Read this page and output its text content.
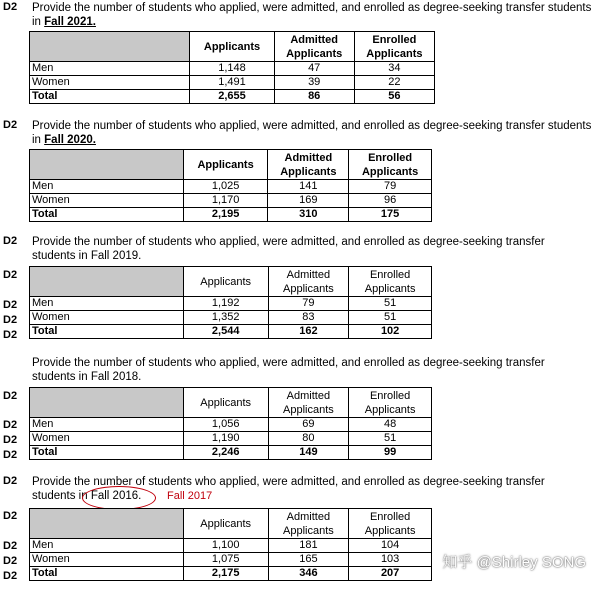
D2 Provide the number of students who applied, were admitted, and enrolled as degree-seeking transfer students in Fall 2021.
	Applicants	Admitted Applicants	Enrolled Applicants
Men	1,148	47	34
Women	1,491	39	22
Total	2,655	86	56
D2 Provide the number of students who applied, were admitted, and enrolled as degree-seeking transfer students in Fall 2020.
	Applicants	Admitted Applicants	Enrolled Applicants
Men	1,025	141	79
Women	1,170	169	96
Total	2,195	310	175
D2 Provide the number of students who applied, were admitted, and enrolled as degree-seeking transfer students in Fall 2019.
D2
D2
D2
D2
	Applicants	Admitted Applicants	Enrolled Applicants
Men	1,192	79	51
Women	1,352	83	51
Total	2,544	162	102
Provide the number of students who applied, were admitted, and enrolled as degree-seeking transfer students in Fall 2018.
D2
D2
D2
D2
	Applicants	Admitted Applicants	Enrolled Applicants
Men	1,056	69	48
Women	1,190	80	51
Total	2,246	149	99
D2 Provide the number of students who applied, were admitted, and enrolled as degree-seeking transfer students in Fall 2016.	Fall 2017
D2
D2
D2
D2
	Applicants	Admitted Applicants	Enrolled Applicants
Men	1,100	181	104
Women	1,075	165	103
Total	2,175	346	207
知乎 @Shirley SONG
